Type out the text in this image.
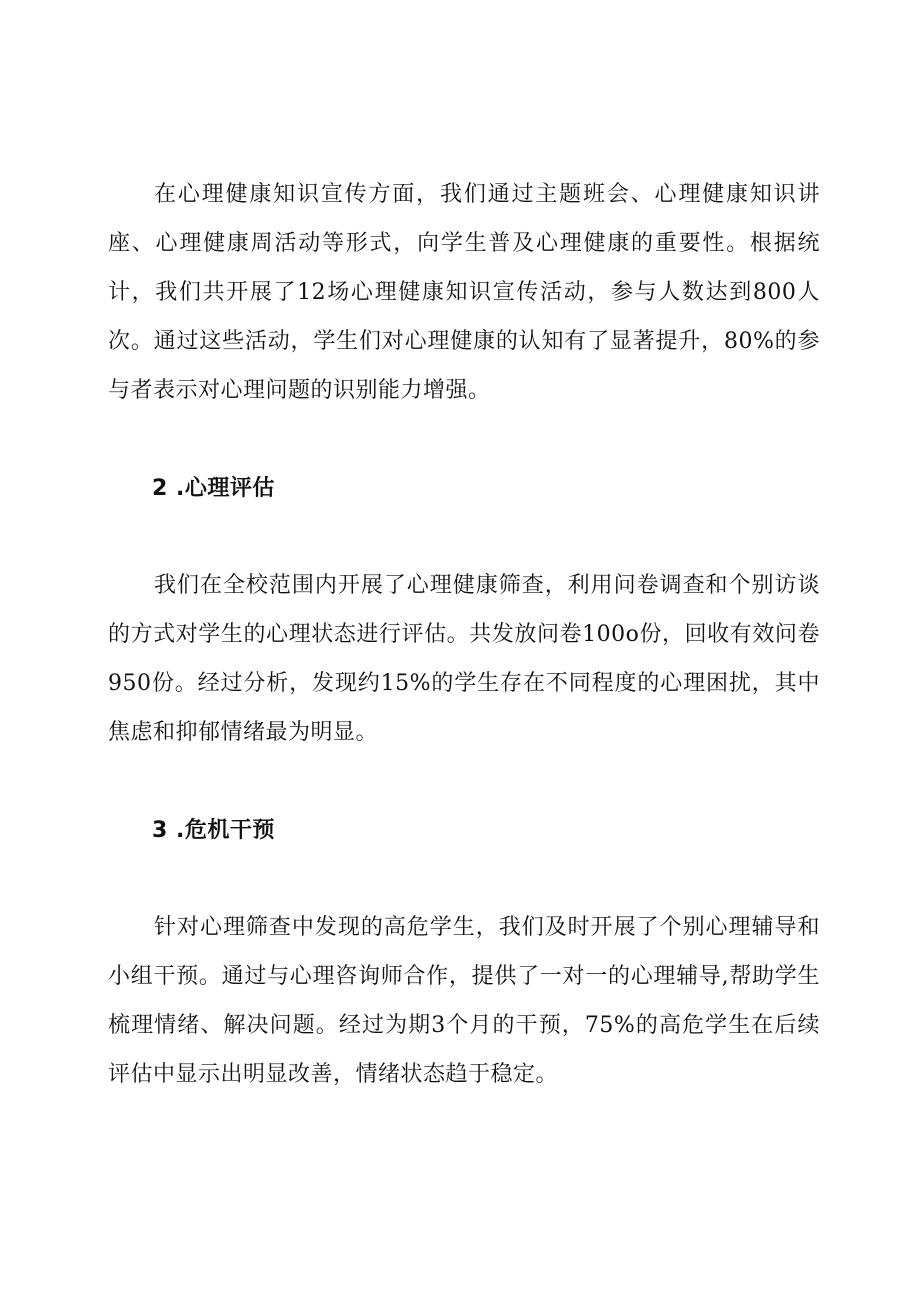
在心理健康知识宣传方面，我们通过主题班会、心理健康知识讲座、心理健康周活动等形式，向学生普及心理健康的重要性。根据统计，我们共开展了12场心理健康知识宣传活动，参与人数达到800人次。通过这些活动，学生们对心理健康的认知有了显著提升，80%的参与者表示对心理问题的识别能力增强。

2 .心理评估

我们在全校范围内开展了心理健康筛查，利用问卷调查和个别访谈的方式对学生的心理状态进行评估。共发放问卷100o份，回收有效问卷950份。经过分析，发现约15%的学生存在不同程度的心理困扰，其中焦虑和抑郁情绪最为明显。

3 .危机干预

针对心理筛查中发现的高危学生，我们及时开展了个别心理辅导和小组干预。通过与心理咨询师合作，提供了一对一的心理辅导,帮助学生梳理情绪、解决问题。经过为期3个月的干预，75%的高危学生在后续评估中显示出明显改善，情绪状态趋于稳定。
